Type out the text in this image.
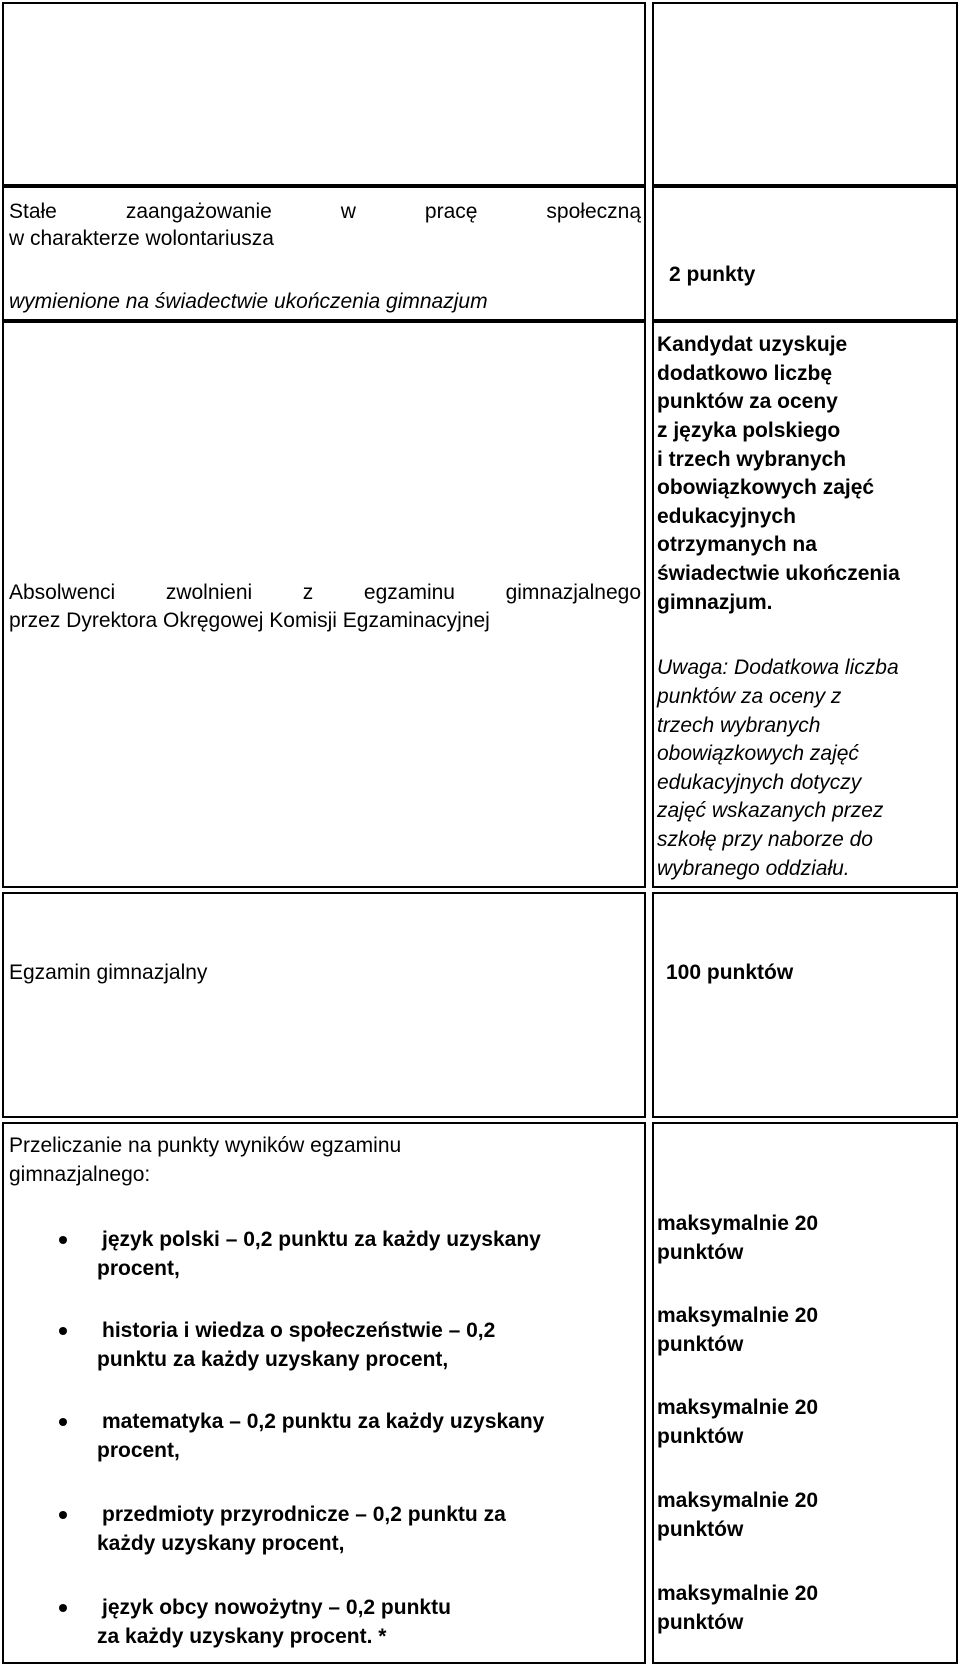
Stałe zaangażowanie w pracę społeczną
w charakterze wolontariusza
wymienione na świadectwie ukończenia gimnazjum
2 punkty
Absolwenci zwolnieni z egzaminu gimnazjalnego
przez Dyrektora Okręgowej Komisji Egzaminacyjnej
Kandydat uzyskuje
dodatkowo liczbę
punktów za oceny
z języka polskiego
i trzech wybranych
obowiązkowych zajęć
edukacyjnych
otrzymanych na
świadectwie ukończenia
gimnazjum.
Uwaga: Dodatkowa liczba
punktów za oceny z
trzech wybranych
obowiązkowych zajęć
edukacyjnych dotyczy
zajęć wskazanych przez
szkołę przy naborze do
wybranego oddziału.
Egzamin gimnazjalny	100 punktów
Przeliczanie na punkty wyników egzaminu
gimnazjalnego:
język polski – 0,2 punktu za każdy uzyskany
procent,
maksymalnie 20
punktów
historia i wiedza o społeczeństwie – 0,2
punktu za każdy uzyskany procent,
maksymalnie 20
punktów
matematyka – 0,2 punktu za każdy uzyskany
procent,
maksymalnie 20
punktów
przedmioty przyrodnicze – 0,2 punktu za
każdy uzyskany procent,
maksymalnie 20
punktów
język obcy nowożytny – 0,2 punktu
za każdy uzyskany procent. *
maksymalnie 20
punktów
